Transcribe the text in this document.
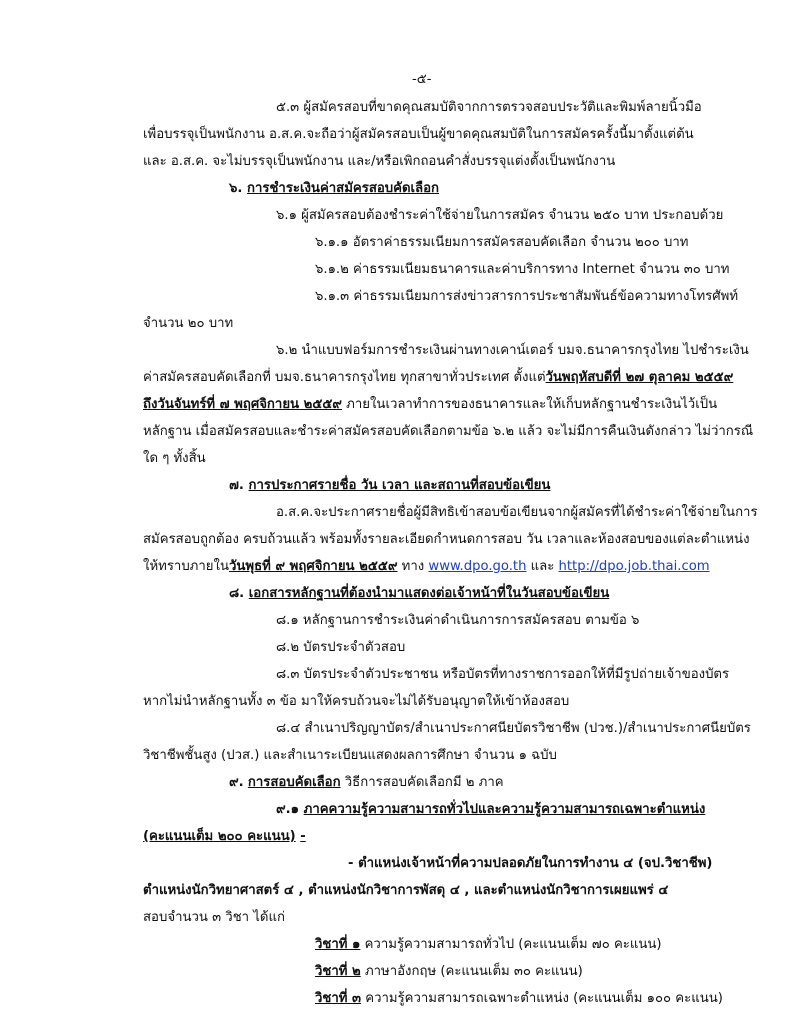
-๕-
๕.๓ ผู้สมัครสอบที่ขาดคุณสมบัติจากการตรวจสอบประวัติและพิมพ์ลายนิ้วมือ
เพื่อบรรจุเป็นพนักงาน อ.ส.ค.จะถือว่าผู้สมัครสอบเป็นผู้ขาดคุณสมบัติในการสมัครครั้งนี้มาตั้งแต่ต้น
และ อ.ส.ค. จะไม่บรรจุเป็นพนักงาน และ/หรือเพิกถอนคำสั่งบรรจุแต่งตั้งเป็นพนักงาน
๖. การชำระเงินค่าสมัครสอบคัดเลือก
๖.๑ ผู้สมัครสอบต้องชำระค่าใช้จ่ายในการสมัคร จำนวน ๒๕๐ บาท ประกอบด้วย
๖.๑.๑ อัตราค่าธรรมเนียมการสมัครสอบคัดเลือก จำนวน ๒๐๐ บาท
๖.๑.๒ ค่าธรรมเนียมธนาคารและค่าบริการทาง Internet จำนวน ๓๐ บาท
๖.๑.๓ ค่าธรรมเนียมการส่งข่าวสารการประชาสัมพันธ์ข้อความทางโทรศัพท์
จำนวน ๒๐ บาท
๖.๒ นำแบบฟอร์มการชำระเงินผ่านทางเคาน์เตอร์ บมจ.ธนาคารกรุงไทย ไปชำระเงิน
ค่าสมัครสอบคัดเลือกที่ บมจ.ธนาคารกรุงไทย ทุกสาขาทั่วประเทศ ตั้งแต่วันพฤหัสบดีที่ ๒๗ ตุลาคม ๒๕๕๙
ถึงวันจันทร์ที่ ๗ พฤศจิกายน ๒๕๕๙ ภายในเวลาทำการของธนาคารและให้เก็บหลักฐานชำระเงินไว้เป็น
หลักฐาน เมื่อสมัครสอบและชำระค่าสมัครสอบคัดเลือกตามข้อ ๖.๒ แล้ว จะไม่มีการคืนเงินดังกล่าว ไม่ว่ากรณี
ใด ๆ ทั้งสิ้น
๗. การประกาศรายชื่อ วัน เวลา และสถานที่สอบข้อเขียน
อ.ส.ค.จะประกาศรายชื่อผู้มีสิทธิเข้าสอบข้อเขียนจากผู้สมัครที่ได้ชำระค่าใช้จ่ายในการ
สมัครสอบถูกต้อง ครบถ้วนแล้ว พร้อมทั้งรายละเอียดกำหนดการสอบ วัน เวลาและห้องสอบของแต่ละตำแหน่ง
ให้ทราบภายในวันพุธที่ ๙ พฤศจิกายน ๒๕๕๙ ทาง www.dpo.go.th และ http://dpo.job.thai.com
๘. เอกสารหลักฐานที่ต้องนำมาแสดงต่อเจ้าหน้าที่ในวันสอบข้อเขียน
๘.๑ หลักฐานการชำระเงินค่าดำเนินการการสมัครสอบ ตามข้อ ๖
๘.๒ บัตรประจำตัวสอบ
๘.๓ บัตรประจำตัวประชาชน หรือบัตรที่ทางราชการออกให้ที่มีรูปถ่ายเจ้าของบัตร
หากไม่นำหลักฐานทั้ง ๓ ข้อ มาให้ครบถ้วนจะไม่ได้รับอนุญาตให้เข้าห้องสอบ
๘.๔ สำเนาปริญญาบัตร/สำเนาประกาศนียบัตรวิชาชีพ (ปวช.)/สำเนาประกาศนียบัตร
วิชาชีพชั้นสูง (ปวส.) และสำเนาระเบียนแสดงผลการศึกษา จำนวน ๑ ฉบับ
๙. การสอบคัดเลือก วิธีการสอบคัดเลือกมี ๒ ภาค
๙.๑ ภาคความรู้ความสามารถทั่วไปและความรู้ความสามารถเฉพาะตำแหน่ง
(คะแนนเต็ม ๒๐๐ คะแนน) -
- ตำแหน่งเจ้าหน้าที่ความปลอดภัยในการทำงาน ๔ (จป.วิชาชีพ)
ตำแหน่งนักวิทยาศาสตร์ ๔ , ตำแหน่งนักวิชาการพัสดุ ๔ , และตำแหน่งนักวิชาการเผยแพร่ ๔
สอบจำนวน ๓ วิชา ได้แก่
วิชาที่ ๑ ความรู้ความสามารถทั่วไป (คะแนนเต็ม ๗๐ คะแนน)
วิชาที่ ๒ ภาษาอังกฤษ (คะแนนเต็ม ๓๐ คะแนน)
วิชาที่ ๓ ความรู้ความสามารถเฉพาะตำแหน่ง (คะแนนเต็ม ๑๐๐ คะแนน)
